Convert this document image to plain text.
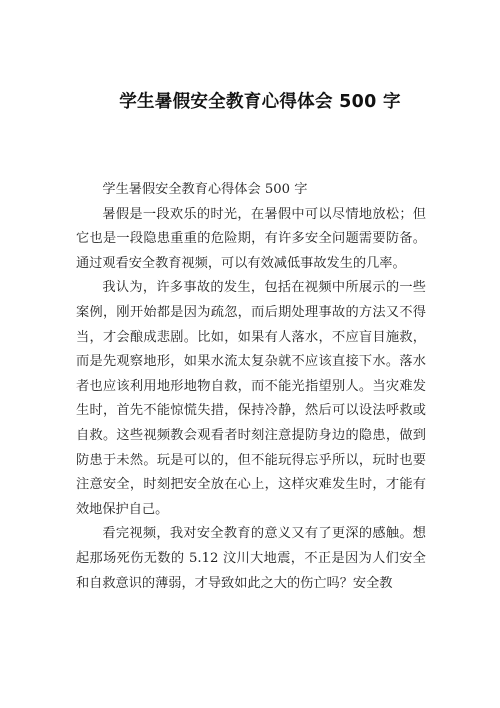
学生暑假安全教育心得体会 500 字

学生暑假安全教育心得体会 500 字

暑假是一段欢乐的时光，在暑假中可以尽情地放松；但它也是一段隐患重重的危险期，有许多安全问题需要防备。通过观看安全教育视频，可以有效减低事故发生的几率。

我认为，许多事故的发生，包括在视频中所展示的一些案例，刚开始都是因为疏忽，而后期处理事故的方法又不得当，才会酿成悲剧。比如，如果有人落水，不应盲目施救，而是先观察地形，如果水流太复杂就不应该直接下水。落水者也应该利用地形地物自救，而不能光指望别人。当灾难发生时，首先不能惊慌失措，保持冷静，然后可以设法呼救或自救。这些视频教会观看者时刻注意提防身边的隐患，做到防患于未然。玩是可以的，但不能玩得忘乎所以，玩时也要注意安全，时刻把安全放在心上，这样灾难发生时，才能有效地保护自己。

看完视频，我对安全教育的意义又有了更深的感触。想起那场死伤无数的 5.12 汶川大地震，不正是因为人们安全和自救意识的薄弱，才导致如此之大的伤亡吗？安全教
